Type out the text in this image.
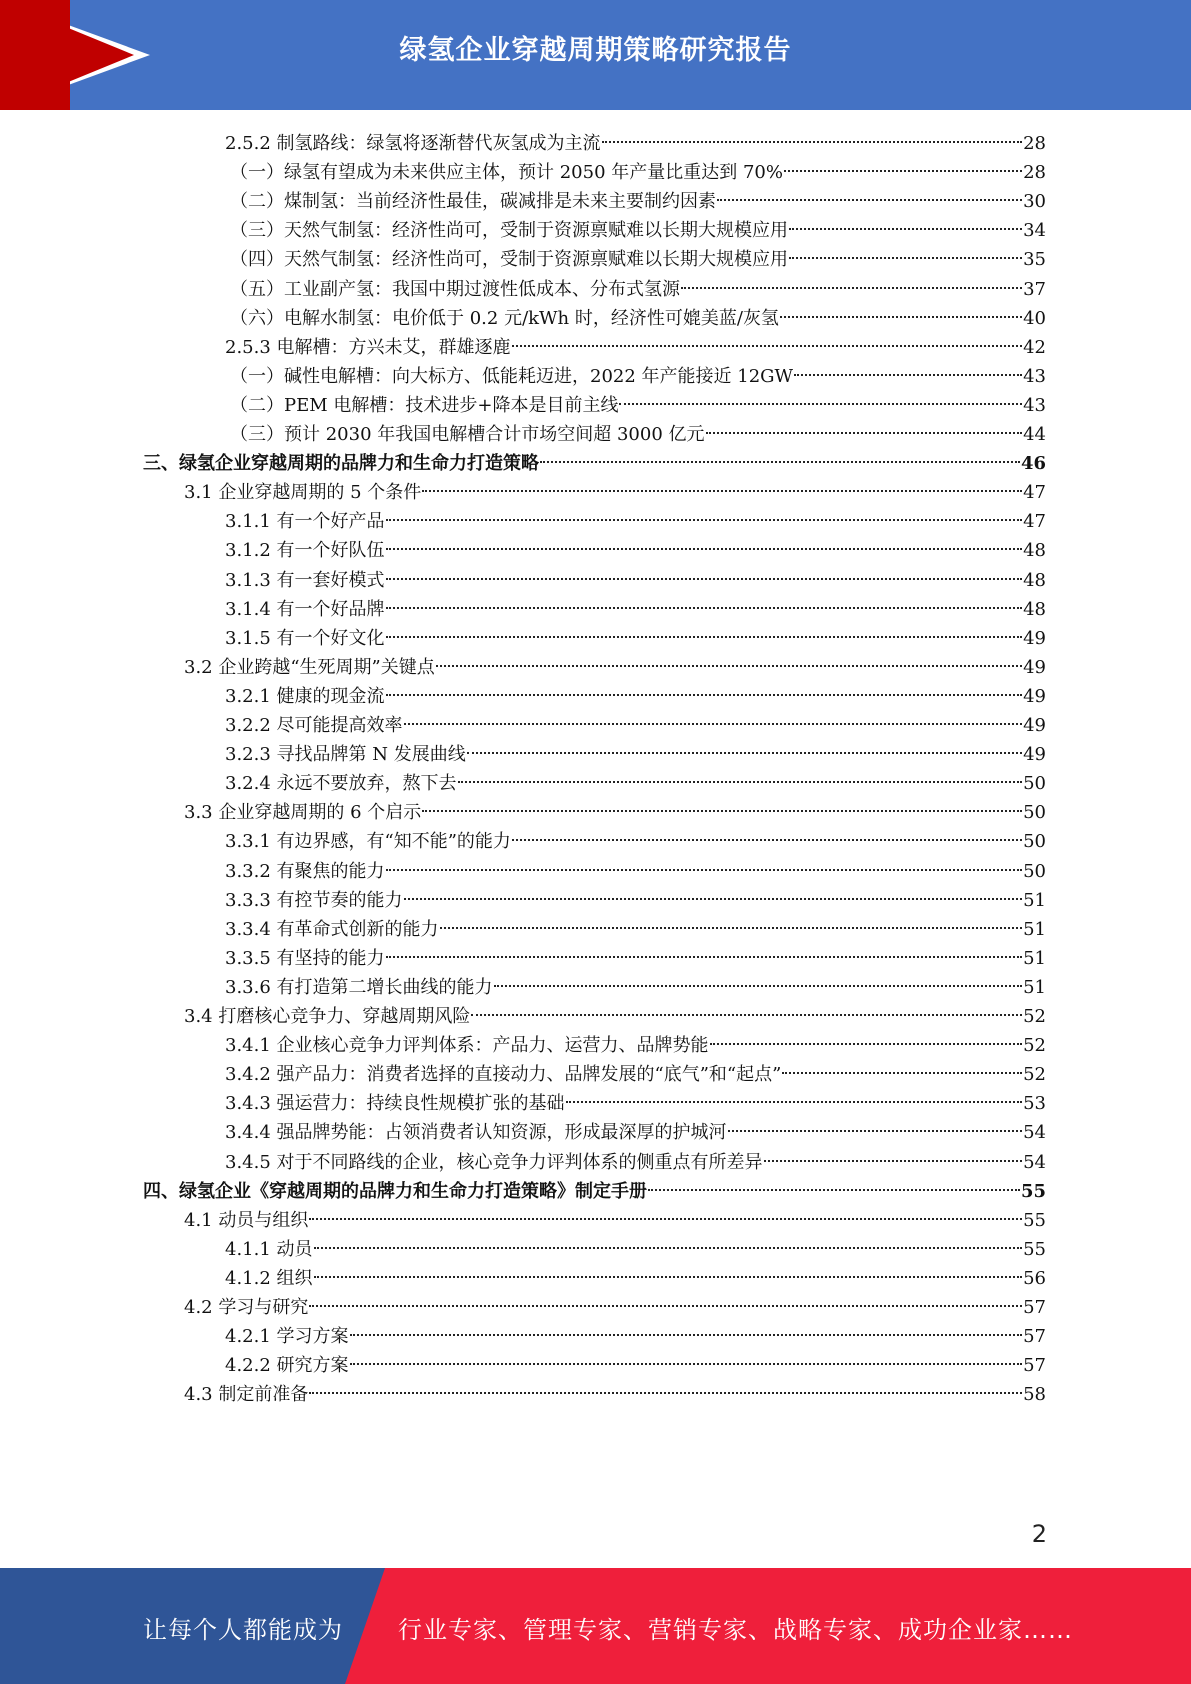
绿氢企业穿越周期策略研究报告
2.5.2 制氢路线：绿氢将逐渐替代灰氢成为主流	28
（一）绿氢有望成为未来供应主体，预计 2050 年产量比重达到 70%	28
（二）煤制氢：当前经济性最佳，碳减排是未来主要制约因素	30
（三）天然气制氢：经济性尚可，受制于资源禀赋难以长期大规模应用	34
（四）天然气制氢：经济性尚可，受制于资源禀赋难以长期大规模应用	35
（五）工业副产氢：我国中期过渡性低成本、分布式氢源	37
（六）电解水制氢：电价低于 0.2 元/kWh 时，经济性可媲美蓝/灰氢	40
2.5.3 电解槽：方兴未艾，群雄逐鹿	42
（一）碱性电解槽：向大标方、低能耗迈进，2022 年产能接近 12GW	43
（二）PEM 电解槽：技术进步+降本是目前主线	43
（三）预计 2030 年我国电解槽合计市场空间超 3000 亿元	44
三、绿氢企业穿越周期的品牌力和生命力打造策略	46
3.1 企业穿越周期的 5 个条件	47
3.1.1 有一个好产品	47
3.1.2 有一个好队伍	48
3.1.3 有一套好模式	48
3.1.4 有一个好品牌	48
3.1.5 有一个好文化	49
3.2 企业跨越“生死周期”关键点	49
3.2.1 健康的现金流	49
3.2.2 尽可能提高效率	49
3.2.3 寻找品牌第 N 发展曲线	49
3.2.4 永远不要放弃，熬下去	50
3.3 企业穿越周期的 6 个启示	50
3.3.1 有边界感，有“知不能”的能力	50
3.3.2 有聚焦的能力	50
3.3.3 有控节奏的能力	51
3.3.4 有革命式创新的能力	51
3.3.5 有坚持的能力	51
3.3.6 有打造第二增长曲线的能力	51
3.4 打磨核心竞争力、穿越周期风险	52
3.4.1 企业核心竞争力评判体系：产品力、运营力、品牌势能	52
3.4.2 强产品力：消费者选择的直接动力、品牌发展的“底气”和“起点”	52
3.4.3 强运营力：持续良性规模扩张的基础	53
3.4.4 强品牌势能：占领消费者认知资源，形成最深厚的护城河	54
3.4.5 对于不同路线的企业，核心竞争力评判体系的侧重点有所差异	54
四、绿氢企业《穿越周期的品牌力和生命力打造策略》制定手册	55
4.1 动员与组织	55
4.1.1 动员	55
4.1.2 组织	56
4.2 学习与研究	57
4.2.1 学习方案	57
4.2.2 研究方案	57
4.3 制定前准备	58
2
让每个人都能成为 行业专家、管理专家、营销专家、战略专家、成功企业家……
